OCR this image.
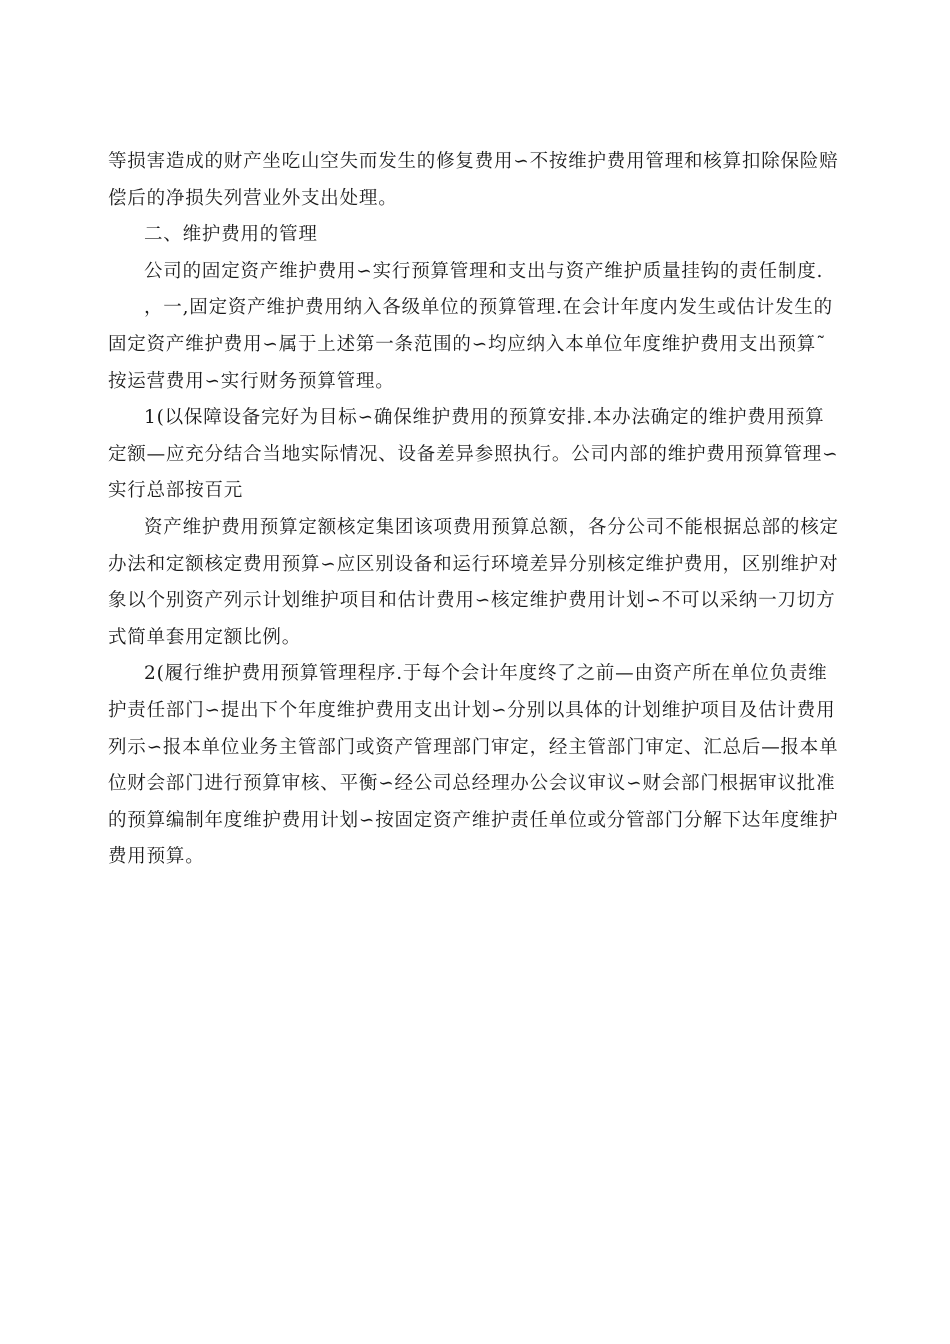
等损害造成的财产坐吃山空失而发生的修复费用∽不按维护费用管理和核算扣除保险赔
偿后的净损失列营业外支出处理。
二、维护费用的管理
公司的固定资产维护费用∽实行预算管理和支出与资产维护质量挂钩的责任制度.
，一,固定资产维护费用纳入各级单位的预算管理.在会计年度内发生或估计发生的
固定资产维护费用∽属于上述第一条范围的∽均应纳入本单位年度维护费用支出预算˜
按运营费用∽实行财务预算管理。
1(以保障设备完好为目标∽确保维护费用的预算安排.本办法确定的维护费用预算
定额—应充分结合当地实际情况、设备差异参照执行。公司内部的维护费用预算管理∽
实行总部按百元
资产维护费用预算定额核定集团该项费用预算总额，各分公司不能根据总部的核定
办法和定额核定费用预算∽应区别设备和运行环境差异分别核定维护费用，区别维护对
象以个别资产列示计划维护项目和估计费用∽核定维护费用计划∽不可以采纳一刀切方
式简单套用定额比例。
2(履行维护费用预算管理程序.于每个会计年度终了之前—由资产所在单位负责维
护责任部门∽提出下个年度维护费用支出计划∽分别以具体的计划维护项目及估计费用
列示∽报本单位业务主管部门或资产管理部门审定，经主管部门审定、汇总后—报本单
位财会部门进行预算审核、平衡∽经公司总经理办公会议审议∽财会部门根据审议批准
的预算编制年度维护费用计划∽按固定资产维护责任单位或分管部门分解下达年度维护
费用预算。
